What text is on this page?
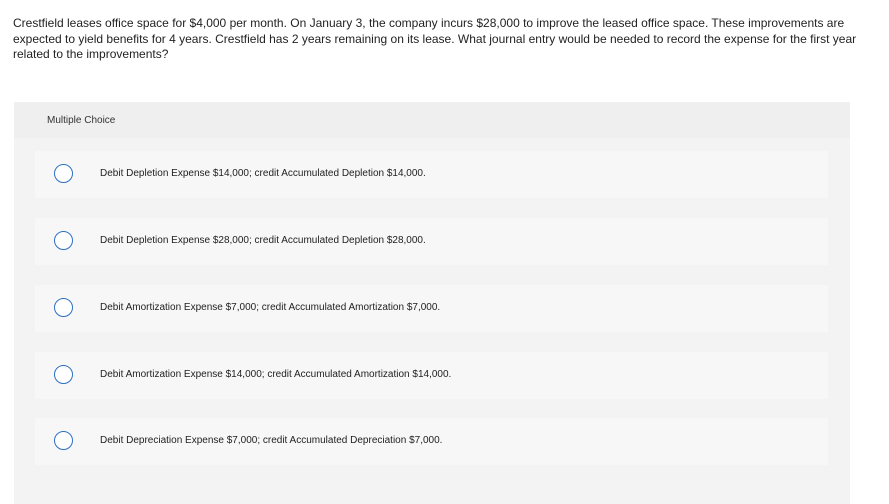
Crestfield leases office space for $4,000 per month. On January 3, the company incurs $28,000 to improve the leased office space. These improvements are expected to yield benefits for 4 years. Crestfield has 2 years remaining on its lease. What journal entry would be needed to record the expense for the first year related to the improvements?
Multiple Choice
Debit Depletion Expense $14,000; credit Accumulated Depletion $14,000.
Debit Depletion Expense $28,000; credit Accumulated Depletion $28,000.
Debit Amortization Expense $7,000; credit Accumulated Amortization $7,000.
Debit Amortization Expense $14,000; credit Accumulated Amortization $14,000.
Debit Depreciation Expense $7,000; credit Accumulated Depreciation $7,000.
